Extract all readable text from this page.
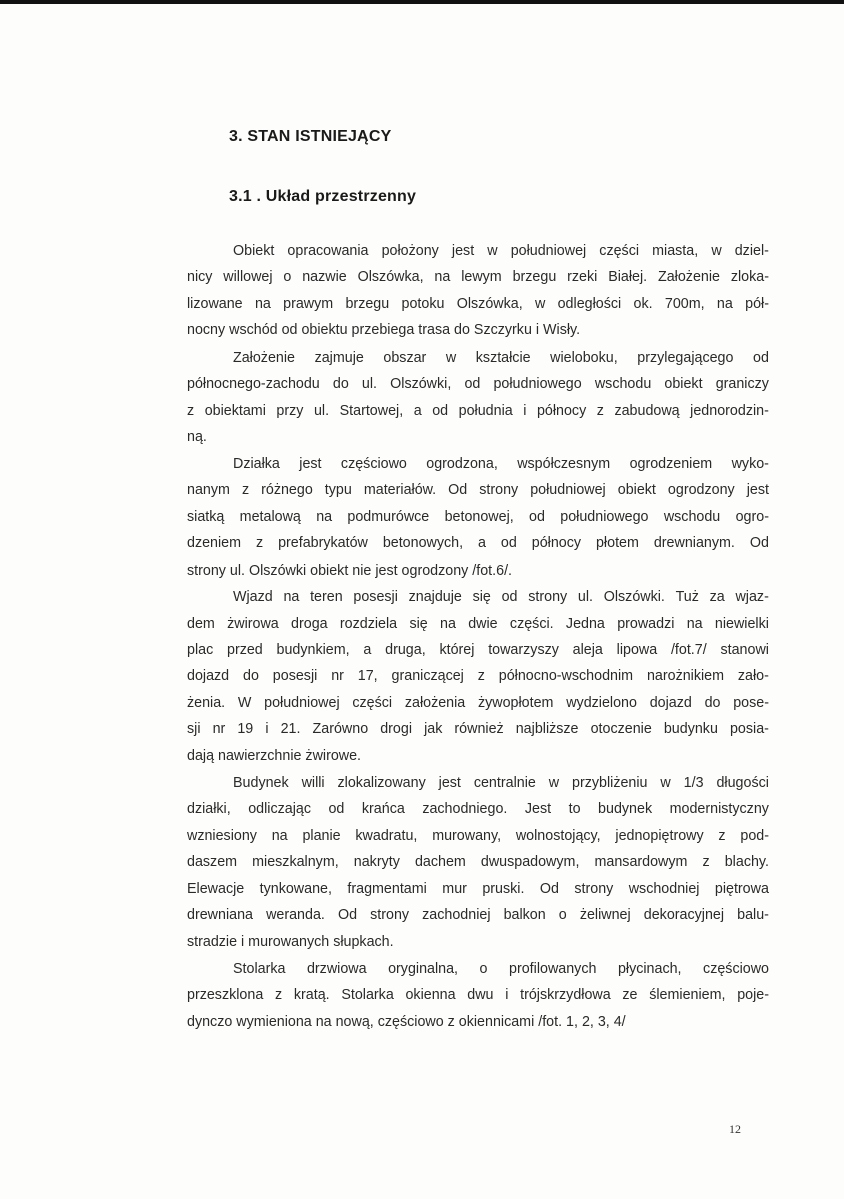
3. STAN ISTNIEJĄCY
3.1 . Układ przestrzenny
Obiekt opracowania położony jest w południowej części miasta, w dziel-
nicy willowej o nazwie Olszówka, na lewym brzegu rzeki Białej. Założenie zloka-
lizowane na prawym brzegu potoku Olszówka, w odległości ok. 700m, na pół-
nocny wschód od obiektu przebiega trasa do Szczyrku i Wisły.
Założenie zajmuje obszar w kształcie wieloboku, przylegającego od
północnego-zachodu do ul. Olszówki, od południowego wschodu obiekt graniczy
z obiektami przy ul. Startowej, a od południa i północy z zabudową jednorodzin-
ną.
Działka jest częściowo ogrodzona, współczesnym ogrodzeniem wyko-
nanym z różnego typu materiałów. Od strony południowej obiekt ogrodzony jest
siatką metalową na podmurówce betonowej, od południowego wschodu ogro-
dzeniem z prefabrykatów betonowych, a od północy płotem drewnianym. Od
strony ul. Olszówki obiekt nie jest ogrodzony /fot.6/.
Wjazd na teren posesji znajduje się od strony ul. Olszówki. Tuż za wjaz-
dem żwirowa droga rozdziela się na dwie części. Jedna prowadzi na niewielki
plac przed budynkiem, a druga, której towarzyszy aleja lipowa /fot.7/ stanowi
dojazd do posesji nr 17, graniczącej z północno-wschodnim narożnikiem zało-
żenia. W południowej części założenia żywopłotem wydzielono dojazd do pose-
sji nr 19 i 21. Zarówno drogi jak również najbliższe otoczenie budynku posia-
dają nawierzchnie żwirowe.
Budynek willi zlokalizowany jest centralnie w przybliżeniu w 1/3 długości
działki, odliczając od krańca zachodniego. Jest to budynek modernistyczny
wzniesiony na planie kwadratu, murowany, wolnostojący, jednopiętrowy z pod-
daszem mieszkalnym, nakryty dachem dwuspadowym, mansardowym z blachy.
Elewacje tynkowane, fragmentami mur pruski. Od strony wschodniej piętrowa
drewniana weranda. Od strony zachodniej balkon o żeliwnej dekoracyjnej balu-
stradzie i murowanych słupkach.
Stolarka drzwiowa oryginalna, o profilowanych płycinach, częściowo
przeszklona z kratą. Stolarka okienna dwu i trójskrzydłowa ze ślemieniem, poje-
dynczo wymieniona na nową, częściowo z okiennicami /fot. 1, 2, 3, 4/
12
